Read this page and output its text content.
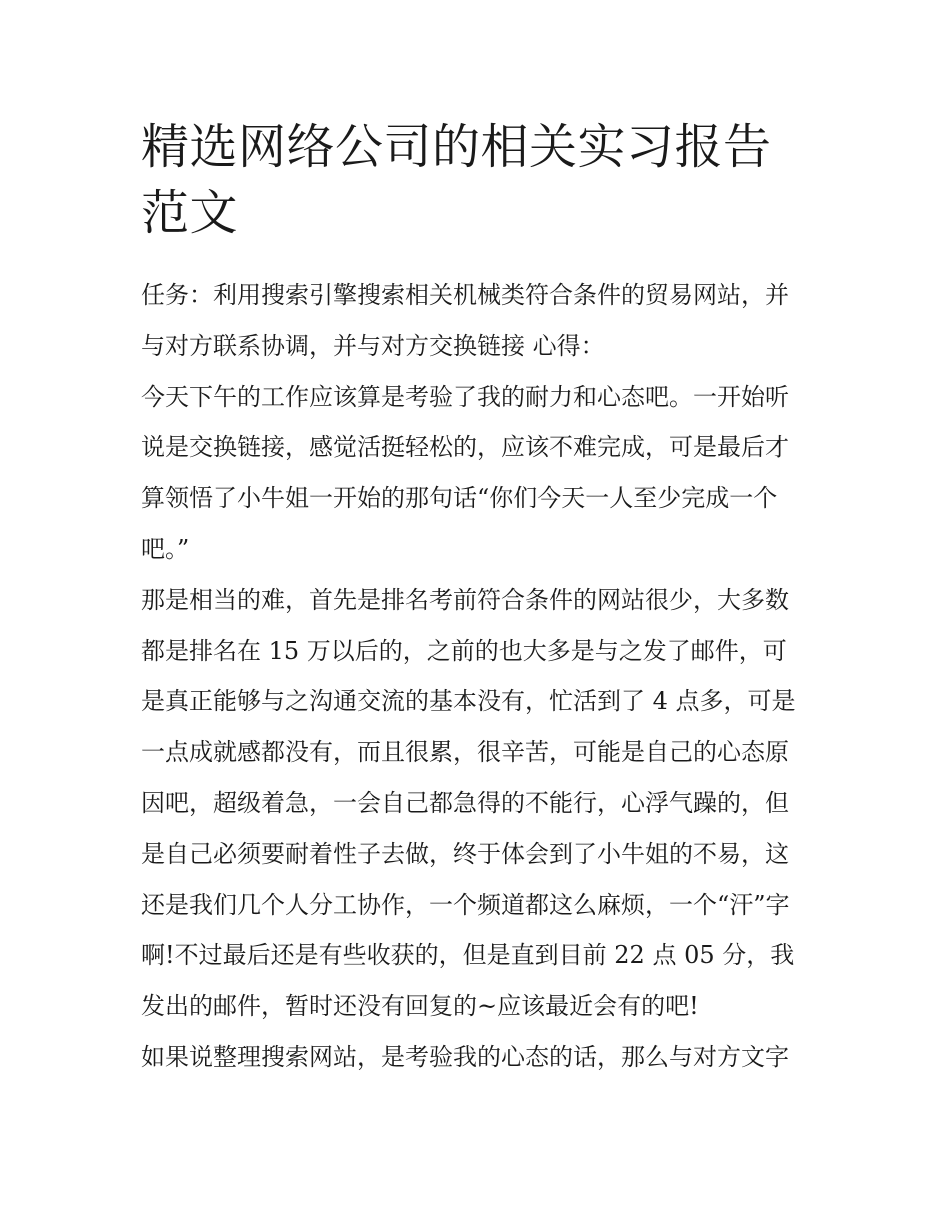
精选网络公司的相关实习报告
范文

任务：利用搜索引擎搜索相关机械类符合条件的贸易网站，并
与对方联系协调，并与对方交换链接 心得：

今天下午的工作应该算是考验了我的耐力和心态吧。一开始听
说是交换链接，感觉活挺轻松的，应该不难完成，可是最后才
算领悟了小牛姐一开始的那句话“你们今天一人至少完成一个
吧。”

那是相当的难，首先是排名考前符合条件的网站很少，大多数
都是排名在 15 万以后的，之前的也大多是与之发了邮件，可
是真正能够与之沟通交流的基本没有，忙活到了 4 点多，可是
一点成就感都没有，而且很累，很辛苦，可能是自己的心态原
因吧，超级着急，一会自己都急得的不能行，心浮气躁的，但
是自己必须要耐着性子去做，终于体会到了小牛姐的不易，这
还是我们几个人分工协作，一个频道都这么麻烦，一个“汗”字
啊!不过最后还是有些收获的，但是直到目前 22 点 05 分，我
发出的邮件，暂时还没有回复的~应该最近会有的吧!

如果说整理搜索网站，是考验我的心态的话，那么与对方文字
